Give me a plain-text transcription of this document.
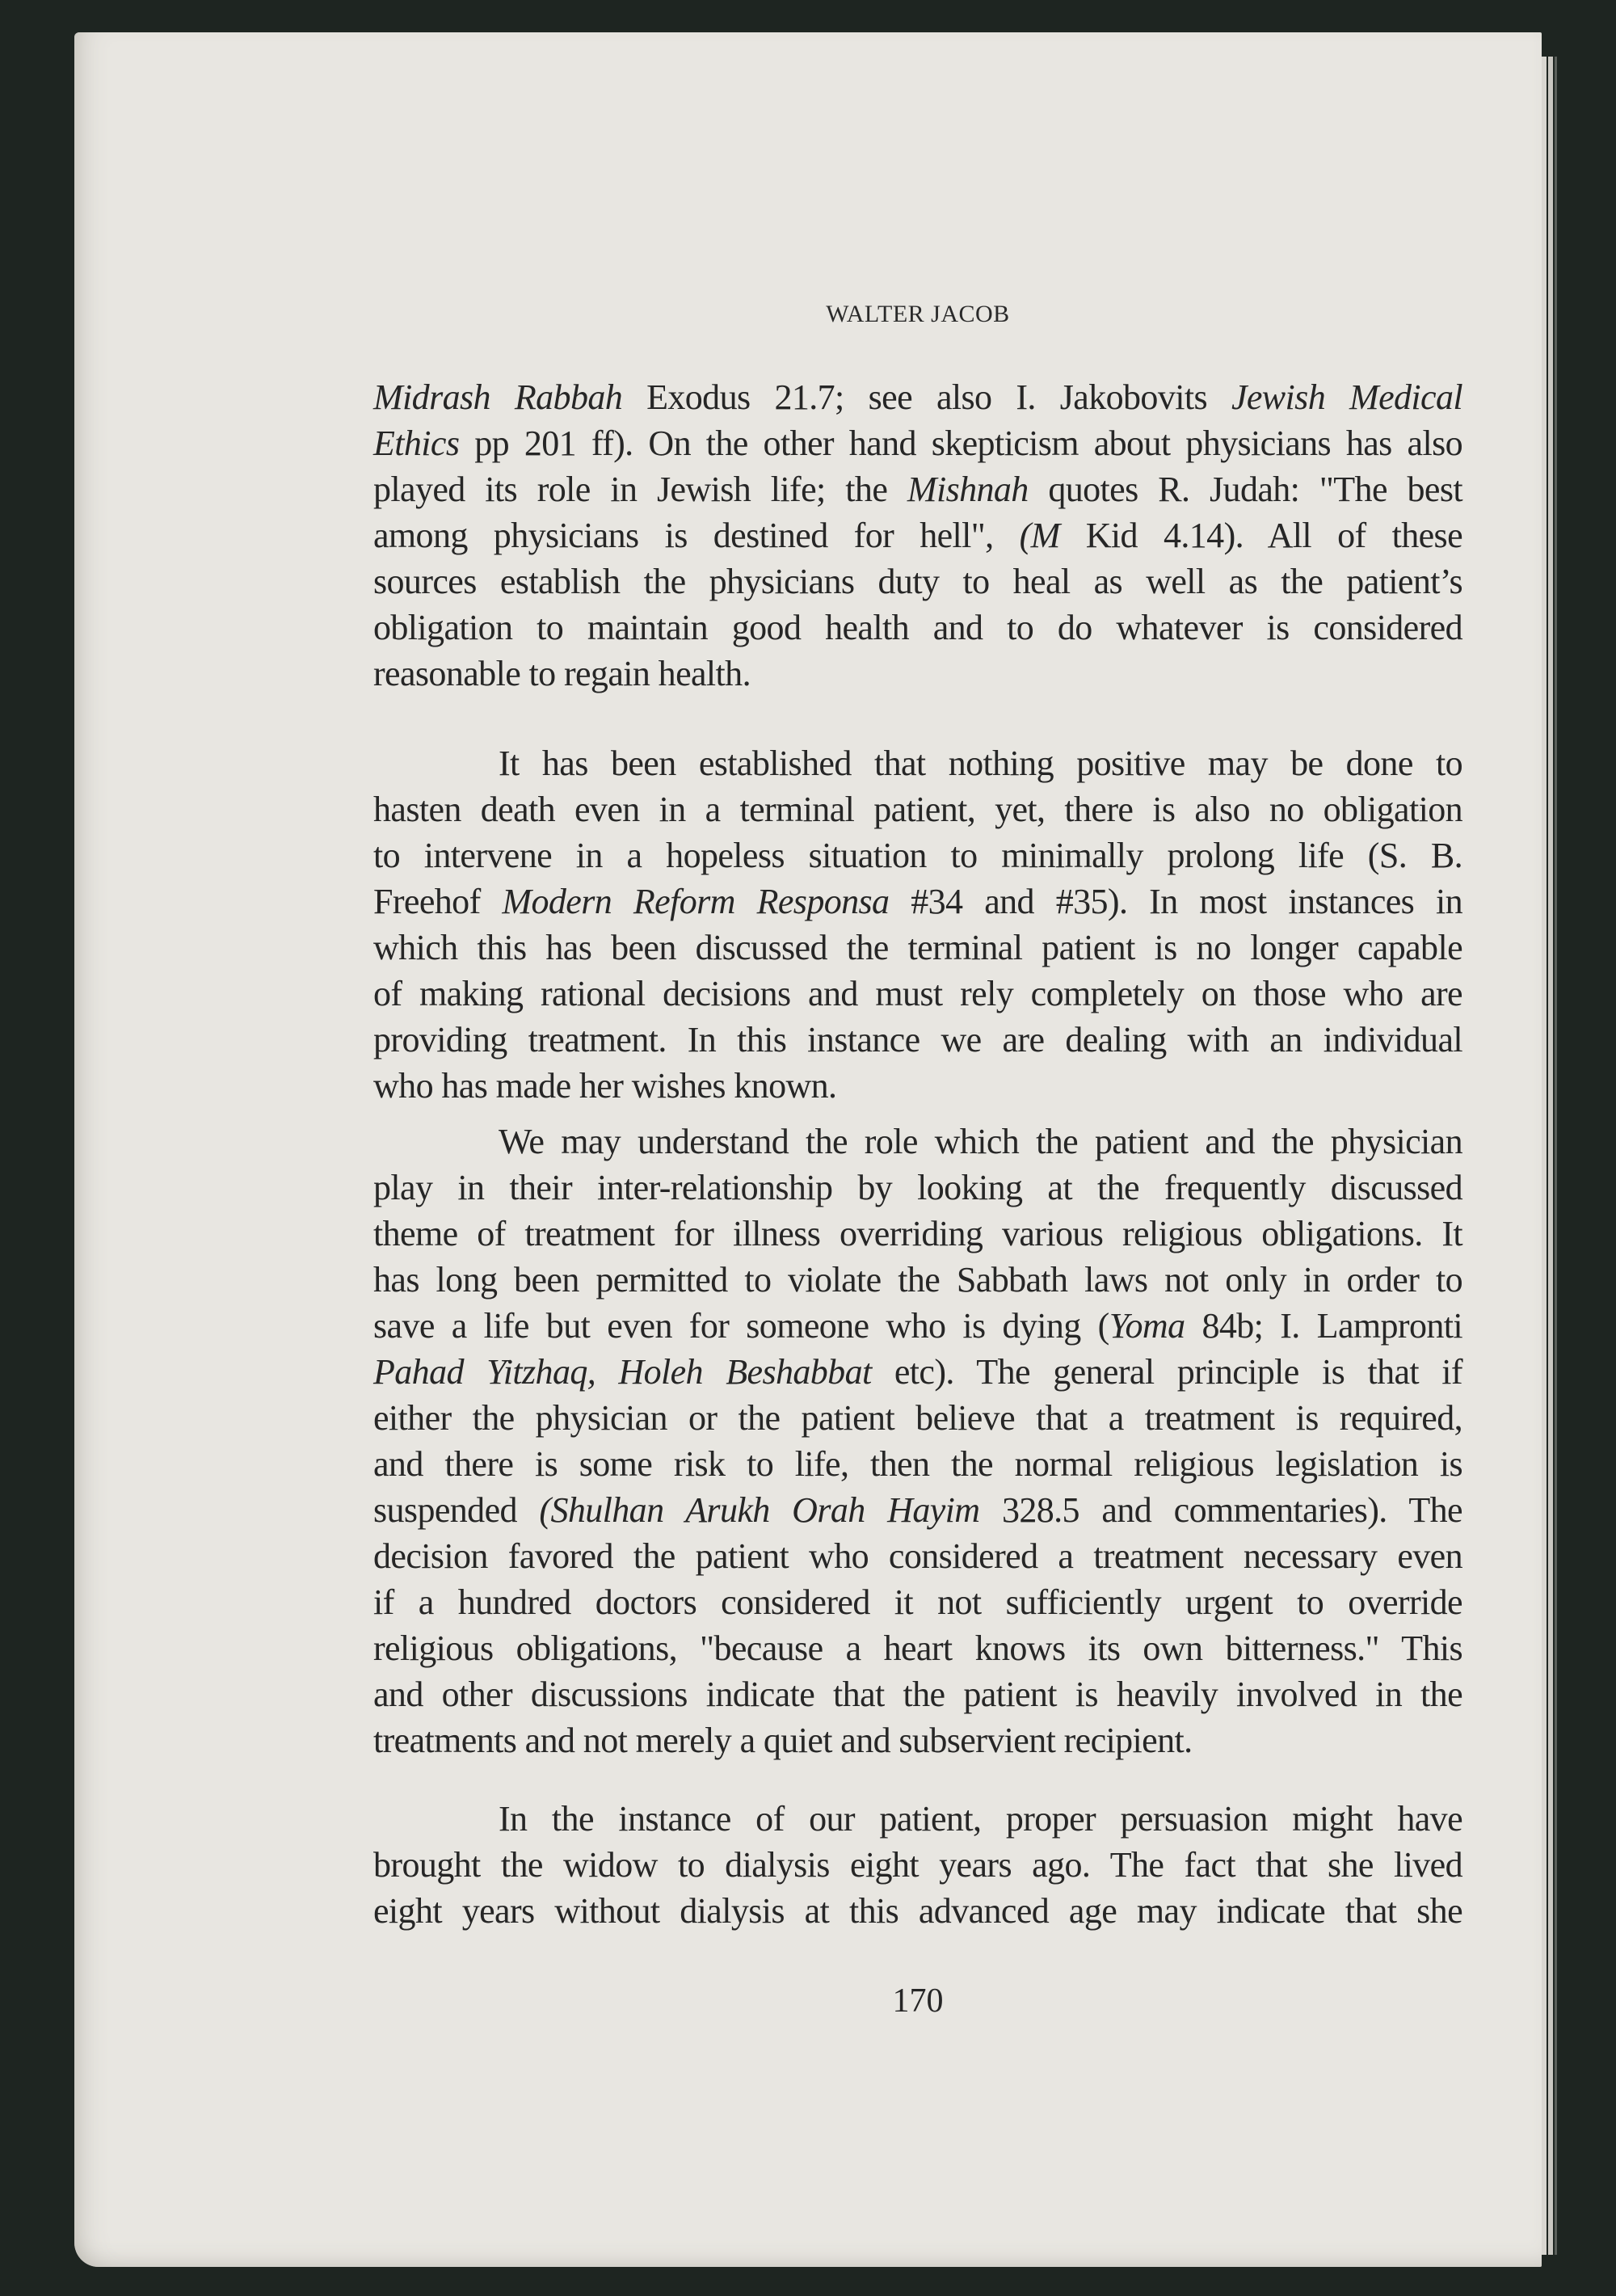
WALTER JACOB
Midrash Rabbah Exodus 21.7; see also I. Jakobovits Jewish Medical
Ethics pp 201 ff). On the other hand skepticism about physicians has also
played its role in Jewish life; the Mishnah quotes R. Judah: "The best
among physicians is destined for hell", (M Kid 4.14). All of these
sources establish the physicians duty to heal as well as the patient’s
obligation to maintain good health and to do whatever is considered
reasonable to regain health.
It has been established that nothing positive may be done to
hasten death even in a terminal patient, yet, there is also no obligation
to intervene in a hopeless situation to minimally prolong life (S. B.
Freehof Modern Reform Responsa #34 and #35). In most instances in
which this has been discussed the terminal patient is no longer capable
of making rational decisions and must rely completely on those who are
providing treatment. In this instance we are dealing with an individual
who has made her wishes known.
We may understand the role which the patient and the physician
play in their inter-relationship by looking at the frequently discussed
theme of treatment for illness overriding various religious obligations. It
has long been permitted to violate the Sabbath laws not only in order to
save a life but even for someone who is dying (Yoma 84b; I. Lampronti
Pahad Yitzhaq, Holeh Beshabbat etc). The general principle is that if
either the physician or the patient believe that a treatment is required,
and there is some risk to life, then the normal religious legislation is
suspended (Shulhan Arukh Orah Hayim 328.5 and commentaries). The
decision favored the patient who considered a treatment necessary even
if a hundred doctors considered it not sufficiently urgent to override
religious obligations, "because a heart knows its own bitterness." This
and other discussions indicate that the patient is heavily involved in the
treatments and not merely a quiet and subservient recipient.
In the instance of our patient, proper persuasion might have
brought the widow to dialysis eight years ago. The fact that she lived
eight years without dialysis at this advanced age may indicate that she
170
